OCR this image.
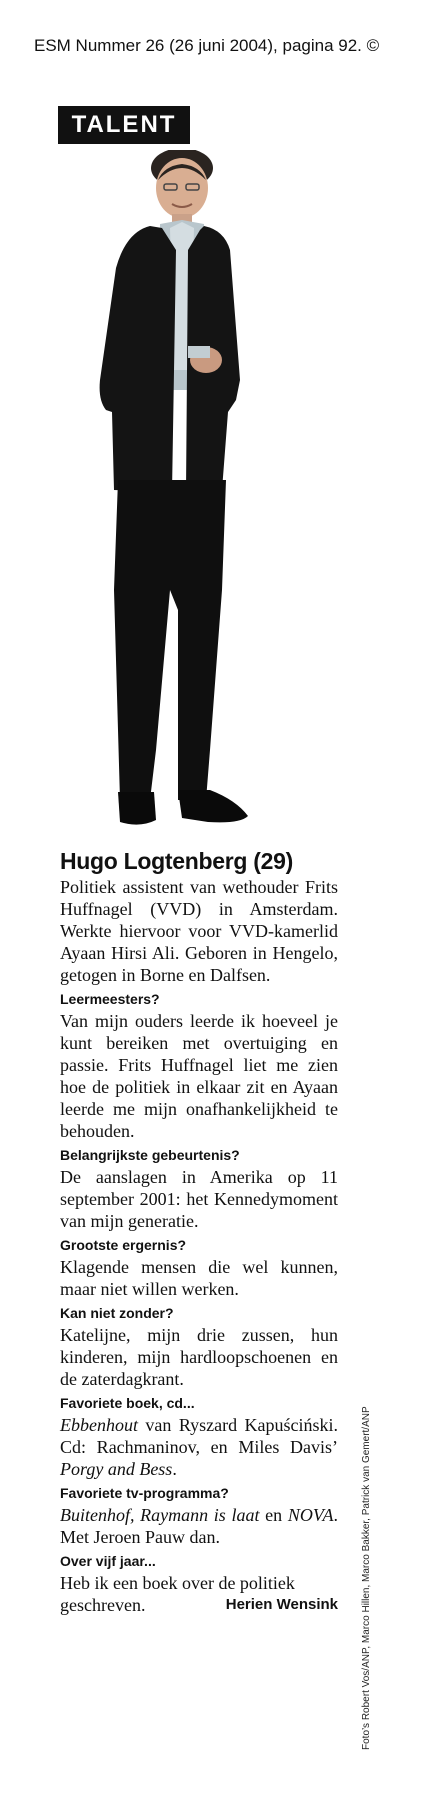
ESM Nummer 26 (26 juni 2004), pagina 92. ©
TALENT
Hugo Logtenberg (29)

Politiek assistent van wethouder Frits Huffnagel (VVD) in Amsterdam. Werkte hiervoor voor VVD-kamerlid Ayaan Hirsi Ali. Geboren in Hengelo, getogen in Borne en Dalfsen.

Leermeesters?

Van mijn ouders leerde ik hoeveel je kunt bereiken met overtuiging en passie. Frits Huffnagel liet me zien hoe de politiek in elkaar zit en Ayaan leerde me mijn onafhankelijkheid te behouden.

Belangrijkste gebeurtenis?

De aanslagen in Amerika op 11 september 2001: het Kennedymoment van mijn generatie.

Grootste ergernis?

Klagende mensen die wel kunnen, maar niet willen werken.

Kan niet zonder?

Katelijne, mijn drie zussen, hun kinderen, mijn hardloopschoenen en de zaterdagkrant.

Favoriete boek, cd...

Ebbenhout van Ryszard Kapuściński. Cd: Rachmaninov, en Miles Davis’ Porgy and Bess.

Favoriete tv-programma?

Buitenhof, Raymann is laat en NOVA. Met Jeroen Pauw dan.

Over vijf jaar...

Heb ik een boek over de politiek

geschreven.	Herien Wensink Foto’s Robert Vos/ANP, Marco Hillen, Marco Bakker, Patrick van Gemert/ANP
